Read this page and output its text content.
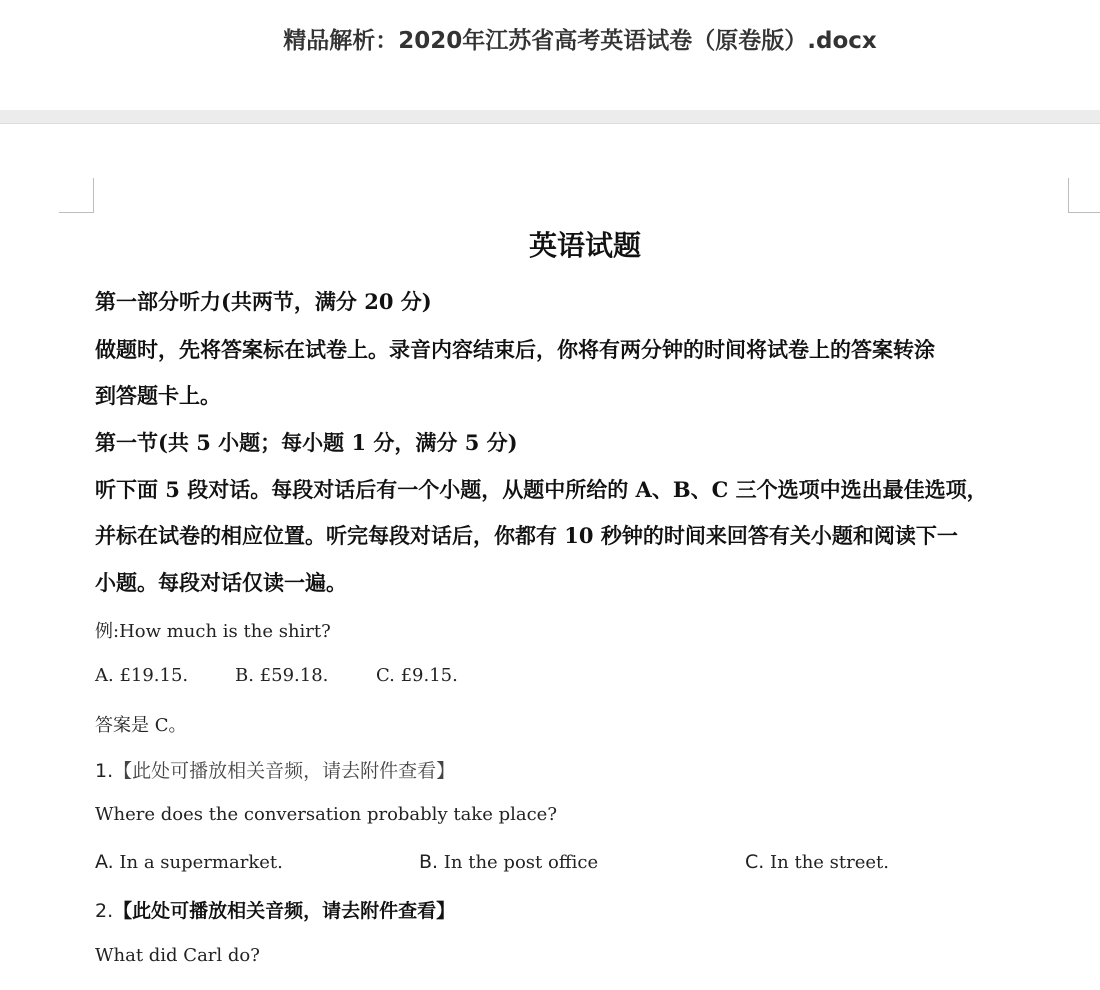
精品解析：2020年江苏省高考英语试卷（原卷版）.docx
英语试题

第一部分听力(共两节，满分 20 分)

做题时，先将答案标在试卷上。录音内容结束后，你将有两分钟的时间将试卷上的答案转涂

到答题卡上。

第一节(共 5 小题；每小题 1 分，满分 5 分)

听下面 5 段对话。每段对话后有一个小题，从题中所给的 A、B、C 三个选项中选出最佳选项，

并标在试卷的相应位置。听完每段对话后，你都有 10 秒钟的时间来回答有关小题和阅读下一

小题。每段对话仅读一遍。

例:How much is the shirt?

A. £19.15.	B. £59.18.	C. £9.15.

答案是 C。

1.【此处可播放相关音频，请去附件查看】

Where does the conversation probably take place?

A. In a supermarket.	B. In the post office	C. In the street.

2.【此处可播放相关音频，请去附件查看】

What did Carl do?
